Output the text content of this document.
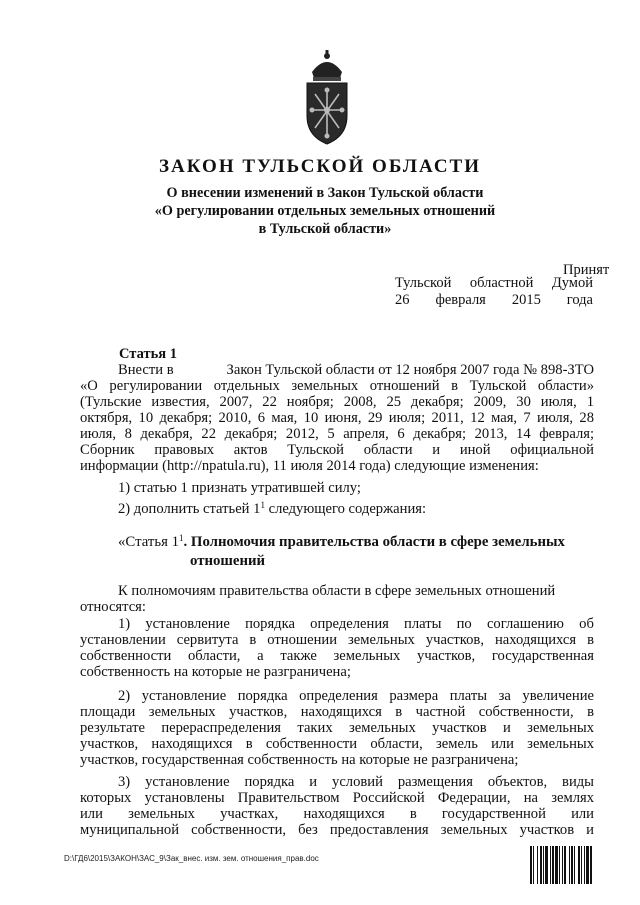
ЗАКОН ТУЛЬСКОЙ ОБЛАСТИ
О внесении изменений в Закон Тульской области
«О регулировании отдельных земельных отношений
в Тульской области»
Принят
Тульской областной Думой
26 февраля 2015 года
Статья 1
Внести в	Закон Тульской области от 12 ноября 2007 года № 898-ЗТО
«О регулировании отдельных земельных отношений в Тульской области»
(Тульские известия, 2007, 22 ноября; 2008, 25 декабря; 2009, 30 июля, 1
октября, 10 декабря; 2010, 6 мая, 10 июня, 29 июля; 2011, 12 мая, 7 июля, 28
июля, 8 декабря, 22 декабря; 2012, 5 апреля, 6 декабря; 2013, 14 февраля;
Сборник правовых актов Тульской области и иной официальной
информации (http://npatula.ru), 11 июля 2014 года) следующие изменения:
1) статью 1 признать утратившей силу;
2) дополнить статьей $1^1$ следующего содержания:
«Статья $1^1$. Полномочия правительства области в сфере земельных
отношений
К полномочиям правительства области в сфере земельных отношений
относятся:
1) установление порядка определения платы по соглашению об
установлении сервитута в отношении земельных участков, находящихся в
собственности области, а также земельных участков, государственная
собственность на которые не разграничена;
2) установление порядка определения размера платы за увеличение
площади земельных участков, находящихся в частной собственности, в
результате перераспределения таких земельных участков и земельных
участков, находящихся в собственности области, земель или земельных
участков, государственная собственность на которые не разграничена;
3) установление порядка и условий размещения объектов, виды
которых установлены Правительством Российской Федерации, на землях
или земельных участках, находящихся в государственной или
муниципальной собственности, без предоставления земельных участков и
D:\ГД6\2015\ЗАКОН\ЗАС_9\Зак_внес. изм. зем. отношения_прав.doc
